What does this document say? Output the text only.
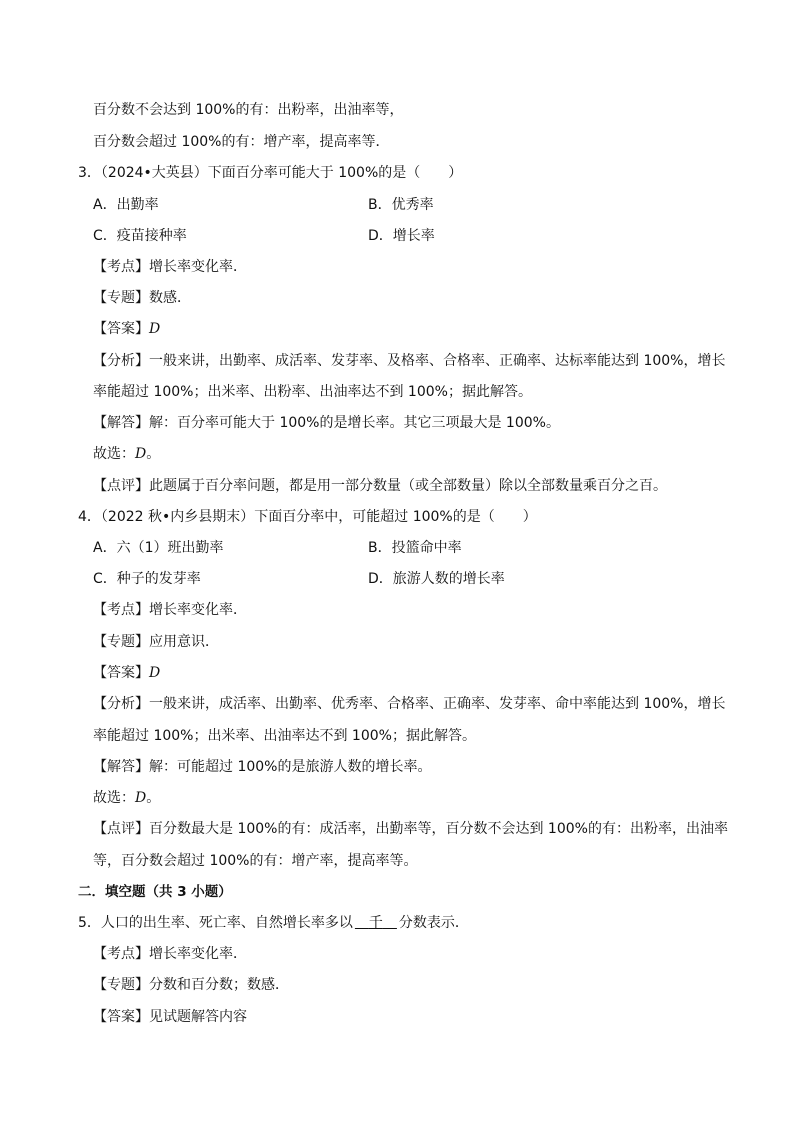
百分数不会达到 100%的有：出粉率，出油率等，
百分数会超过 100%的有：增产率，提高率等．
3．（2024•大英县）下面百分率可能大于 100%的是（　　）
A．出勤率	B．优秀率
C．疫苗接种率	D．增长率
【考点】增长率变化率．
【专题】数感．
【答案】D
【分析】一般来讲，出勤率、成活率、发芽率、及格率、合格率、正确率、达标率能达到 100%，增长
率能超过 100%；出米率、出粉率、出油率达不到 100%；据此解答。
【解答】解：百分率可能大于 100%的是增长率。其它三项最大是 100%。
故选：D。
【点评】此题属于百分率问题，都是用一部分数量（或全部数量）除以全部数量乘百分之百。
4．（2022 秋•内乡县期末）下面百分率中，可能超过 100%的是（　　）
A．六（1）班出勤率	B．投篮命中率
C．种子的发芽率	D．旅游人数的增长率
【考点】增长率变化率．
【专题】应用意识．
【答案】D
【分析】一般来讲，成活率、出勤率、优秀率、合格率、正确率、发芽率、命中率能达到 100%，增长
率能超过 100%；出米率、出油率达不到 100%；据此解答。
【解答】解：可能超过 100%的是旅游人数的增长率。
故选：D。
【点评】百分数最大是 100%的有：成活率，出勤率等，百分数不会达到 100%的有：出粉率，出油率
等，百分数会超过 100%的有：增产率，提高率等。
二．填空题（共 3 小题）
5．人口的出生率、死亡率、自然增长率多以  千  分数表示．
【考点】增长率变化率．
【专题】分数和百分数；数感．
【答案】见试题解答内容
